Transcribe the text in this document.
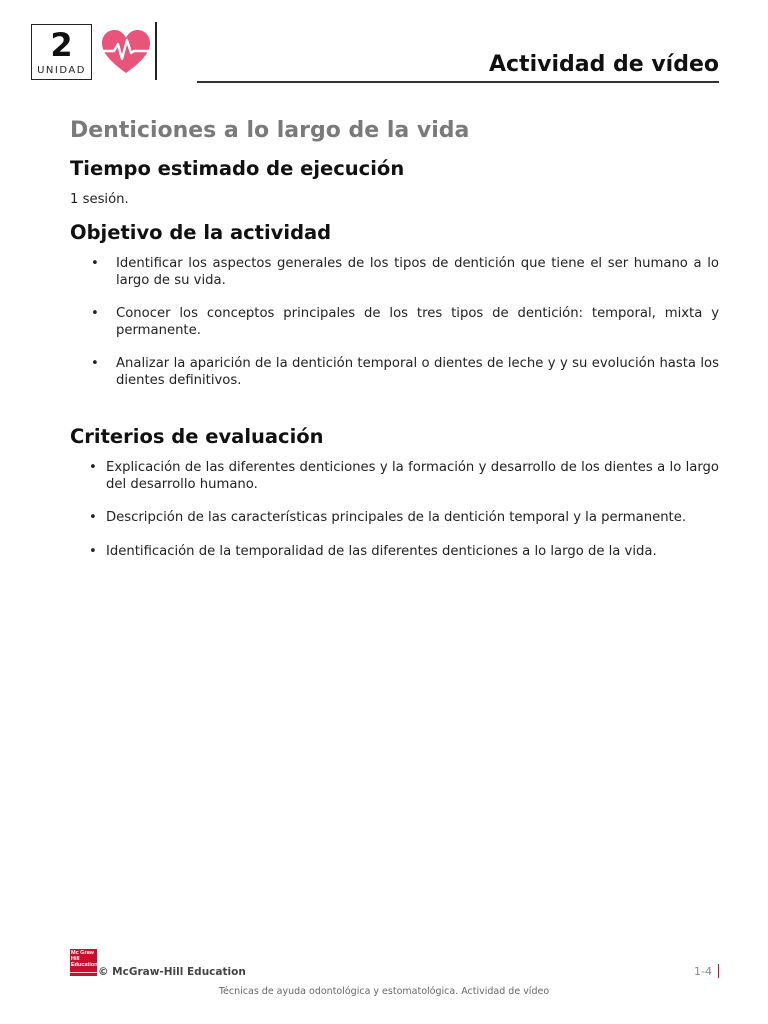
2
UNIDAD	Actividad de vídeo
Denticiones a lo largo de la vida
Tiempo estimado de ejecución

1 sesión.

Objetivo de la actividad
• Identificar los aspectos generales de los tipos de dentición que tiene el ser humano a lo largo de su vida.
• Conocer los conceptos principales de los tres tipos de dentición: temporal, mixta y permanente.
• Analizar la aparición de la dentición temporal o dientes de leche y y su evolución hasta los dientes definitivos.
Criterios de evaluación
• Explicación de las diferentes denticiones y la formación y desarrollo de los dientes a lo largo del desarrollo humano.
• Descripción de las características principales de la dentición temporal y la permanente.
• Identificación de la temporalidad de las diferentes denticiones a lo largo de la vida.
Mc Graw Hill Education
© McGraw-Hill Education	1-4
Técnicas de ayuda odontológica y estomatológica. Actividad de vídeo
